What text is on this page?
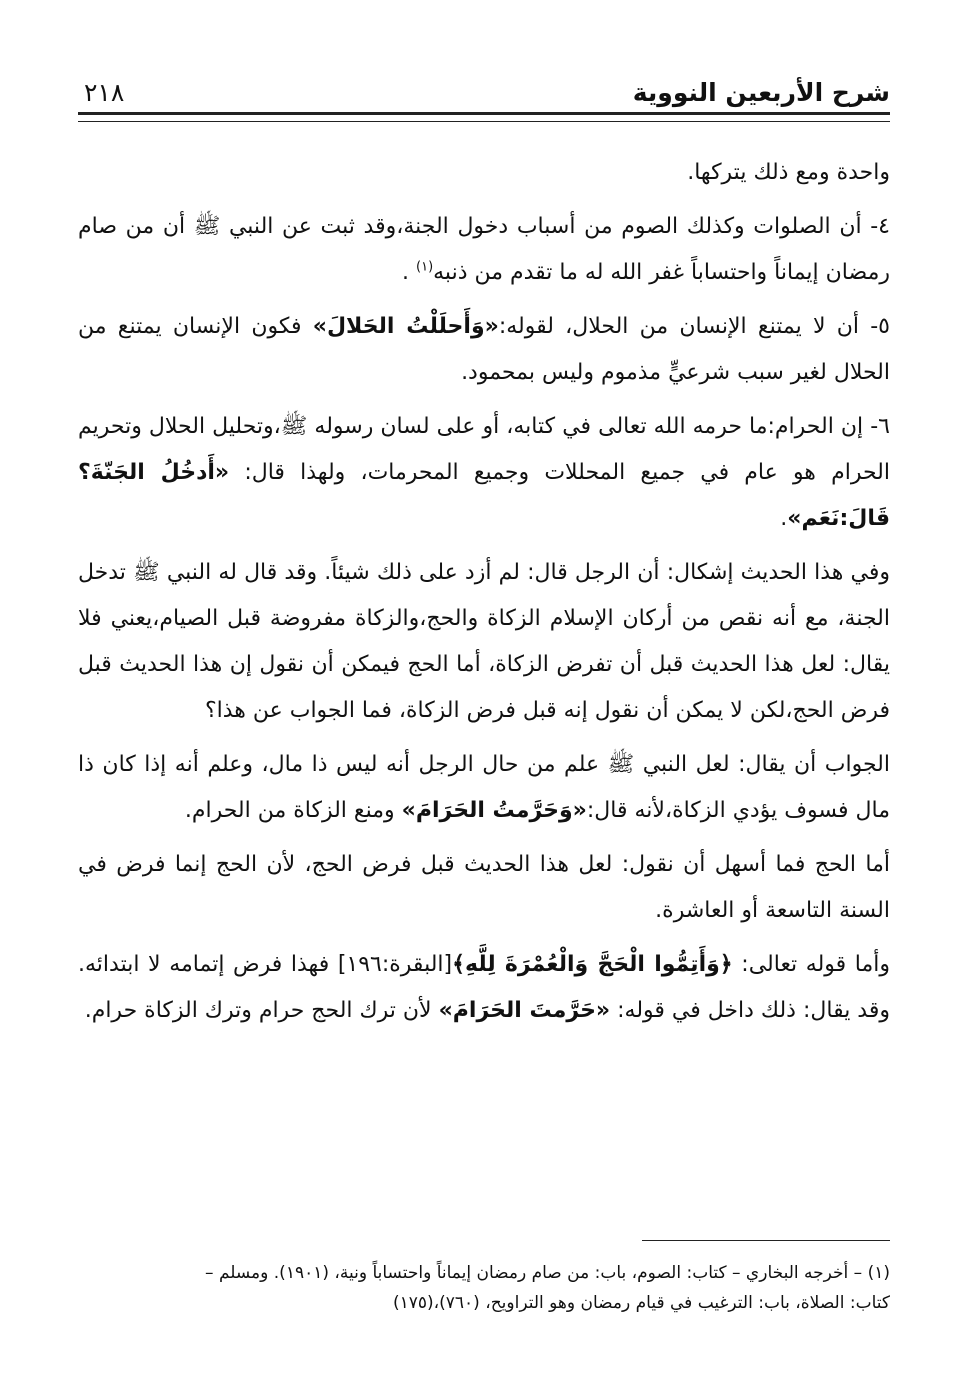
٢١٨	شرح الأربعين النووية

واحدة ومع ذلك يتركها.

٤- أن الصلوات وكذلك الصوم من أسباب دخول الجنة،وقد ثبت عن النبي ﷺ أن من صام رمضان إيماناً واحتساباً غفر الله له ما تقدم من ذنبه$^{(١)}$ .

٥- أن لا يمتنع الإنسان من الحلال، لقوله:«وَأَحلَلْتُ الحَلالَ» فكون الإنسان يمتنع من الحلال لغير سبب شرعيٍّ مذموم وليس بمحمود.

٦- إن الحرام:ما حرمه الله تعالى في كتابه، أو على لسان رسوله ﷺ،وتحليل الحلال وتحريم الحرام هو عام في جميع المحللات وجميع المحرمات، ولهذا قال: «أَدخُلُ الجَنّةَ؟ قَالَ:نَعَم».

وفي هذا الحديث إشكال: أن الرجل قال: لم أزد على ذلك شيئاً. وقد قال له النبي ﷺ تدخل الجنة، مع أنه نقص من أركان الإسلام الزكاة والحج،والزكاة مفروضة قبل الصيام،يعني فلا يقال: لعل هذا الحديث قبل أن تفرض الزكاة، أما الحج فيمكن أن نقول إن هذا الحديث قبل فرض الحج،لكن لا يمكن أن نقول إنه قبل فرض الزكاة، فما الجواب عن هذا؟

الجواب أن يقال: لعل النبي ﷺ علم من حال الرجل أنه ليس ذا مال، وعلم أنه إذا كان ذا مال فسوف يؤدي الزكاة،لأنه قال:«وَحَرَّمتُ الحَرَامَ» ومنع الزكاة من الحرام.

أما الحج فما أسهل أن نقول: لعل هذا الحديث قبل فرض الحج، لأن الحج إنما فرض في السنة التاسعة أو العاشرة.

وأما قوله تعالى: ﴿وَأَتِمُّوا الْحَجَّ وَالْعُمْرَةَ لِلَّهِ﴾[البقرة:١٩٦] فهذا فرض إتمامه لا ابتدائه. وقد يقال: ذلك داخل في قوله: «حَرَّمتَ الحَرَامَ» لأن ترك الحج حرام وترك الزكاة حرام.

(١) – أخرجه البخاري – كتاب: الصوم، باب: من صام رمضان إيماناً واحتساباً ونية، (١٩٠١). ومسلم –

كتاب: الصلاة، باب: الترغيب في قيام رمضان وهو التراويح، (٧٦٠)،(١٧٥)
